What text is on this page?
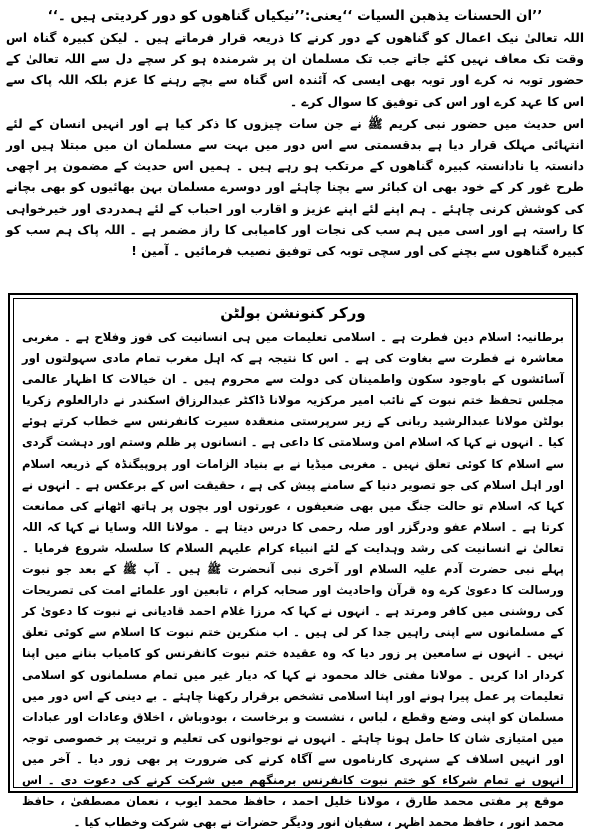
’’ان الحسنات یذھبن السیات ‘‘یعنی:’’نیکیاں گناھوں کو دور کردیتی ہیں ۔‘‘

اللہ تعالیٰ نیک اعمال کو گناھوں کے دور کرنے کا ذریعہ قرار فرماتے ہیں ۔ لیکن کبیرہ گناہ اس وقت تک معاف نہیں کئے جاتے جب تک مسلمان ان پر شرمندہ ہو کر سچے دل سے اللہ تعالیٰ کے حضور توبہ نہ کرے اور توبہ بھی ایسی کہ آئندہ اس گناہ سے بچے رہنے کا عزم بلکہ اللہ پاک سے اس کا عہد کرے اور اس کی توفیق کا سوال کرے ۔

اس حدیث میں حضور نبی کریم ﷺ نے جن سات چیزوں کا ذکر کیا ہے اور انہیں انسان کے لئے انتہائی مہلک قرار دیا ہے بدقسمتی سے اس دور میں بہت سے مسلمان ان میں مبتلا ہیں اور دانستہ یا نادانستہ کبیرہ گناھوں کے مرتکب ہو رہے ہیں ۔ ہمیں اس حدیث کے مضمون پر اچھی طرح غور کر کے خود بھی ان کبائر سے بچنا چاہئے اور دوسرے مسلمان بہن بھائیوں کو بھی بچانے کی کوشش کرنی چاہئے ۔ ہم اپنے لئے اپنے عزیز و اقارب اور احباب کے لئے ہمدردی اور خیرخواہی کا راستہ ہے اور اسی میں ہم سب کی نجات اور کامیابی کا راز مضمر ہے ۔ اللہ پاک ہم سب کو کبیرہ گناھوں سے بچنے کی اور سچی توبہ کی توفیق نصیب فرمائیں ۔ آمین !

ورکر کنونشن بولٹن

برطانیہ: اسلام دین فطرت ہے ۔ اسلامی تعلیمات میں ہی انسانیت کی فوز وفلاح ہے ۔ مغربی معاشرہ نے فطرت سے بغاوت کی ہے ۔ اس کا نتیجہ ہے کہ اہل مغرب تمام مادی سہولتوں اور آسائشوں کے باوجود سکون واطمینان کی دولت سے محروم ہیں ۔ ان خیالات کا اظہار عالمی مجلس تحفظ ختم نبوت کے نائب امیر مرکزیہ مولانا ڈاکٹر عبدالرزاق اسکندر نے دارالعلوم زکریا بولٹن مولانا عبدالرشید ربانی کے زیر سرپرستی منعقدہ سیرت کانفرنس سے خطاب کرتے ہوئے کیا ۔ انہوں نے کہا کہ اسلام امن وسلامتی کا داعی ہے ۔ انسانوں پر ظلم وستم اور دہشت گردی سے اسلام کا کوئی تعلق نہیں ۔ مغربی میڈیا نے بے بنیاد الزامات اور پروپیگنڈہ کے ذریعہ اسلام اور اہل اسلام کی جو تصویر دنیا کے سامنے پیش کی ہے ، حقیقت اس کے برعکس ہے ۔ انہوں نے کہا کہ اسلام تو حالت جنگ میں بھی ضعیفوں ، عورتوں اور بچوں پر ہاتھ اٹھانے کی ممانعت کرتا ہے ۔ اسلام عفو ودرگزر اور صلہ رحمی کا درس دیتا ہے ۔ مولانا اللہ وسایا نے کہا کہ اللہ تعالیٰ نے انسانیت کی رشد وہدایت کے لئے انبیاء کرام علیہم السلام کا سلسلہ شروع فرمایا ۔ پہلے نبی حضرت آدم علیہ السلام اور آخری نبی آنحضرت ﷺ ہیں ۔ آپ ﷺ کے بعد جو نبوت ورسالت کا دعویٰ کرے وہ قرآن واحادیث اور صحابہ کرام ، تابعین اور علمائے امت کی تصریحات کی روشنی میں کافر ومرتد ہے ۔ انہوں نے کہا کہ مرزا غلام احمد قادیانی نے نبوت کا دعویٰ کر کے مسلمانوں سے اپنی راہیں جدا کر لی ہیں ۔ اب منکرین ختم نبوت کا اسلام سے کوئی تعلق نہیں ۔ انہوں نے سامعین پر زور دیا کہ وہ عقیدہ ختم نبوت کانفرنس کو کامیاب بنانے میں اپنا کردار ادا کریں ۔ مولانا مفتی خالد محمود نے کہا کہ دیار غیر میں تمام مسلمانوں کو اسلامی تعلیمات پر عمل پیرا ہونے اور اپنا اسلامی تشخص برقرار رکھنا چاہئے ۔ بے دینی کے اس دور میں مسلمان کو اپنی وضع وقطع ، لباس ، نشست و برخاست ، بودوباش ، اخلاق وعادات اور عبادات میں امتیازی شان کا حامل ہونا چاہئے ۔ انہوں نے نوجوانوں کی تعلیم و تربیت پر خصوصی توجہ اور انہیں اسلاف کے سنہری کارناموں سے آگاہ کرنے کی ضرورت پر بھی زور دیا ۔ آخر میں انہوں نے تمام شرکاء کو ختم نبوت کانفرنس برمنگھم میں شرکت کرنے کی دعوت دی ۔ اس موقع پر مفتی محمد طارق ، مولانا خلیل احمد ، حافظ محمد ایوب ، نعمان مصطفیٰ ، حافظ محمد انور ، حافظ محمد اظہر ، سفیان انور ودیگر حضرات نے بھی شرکت وخطاب کیا ۔
